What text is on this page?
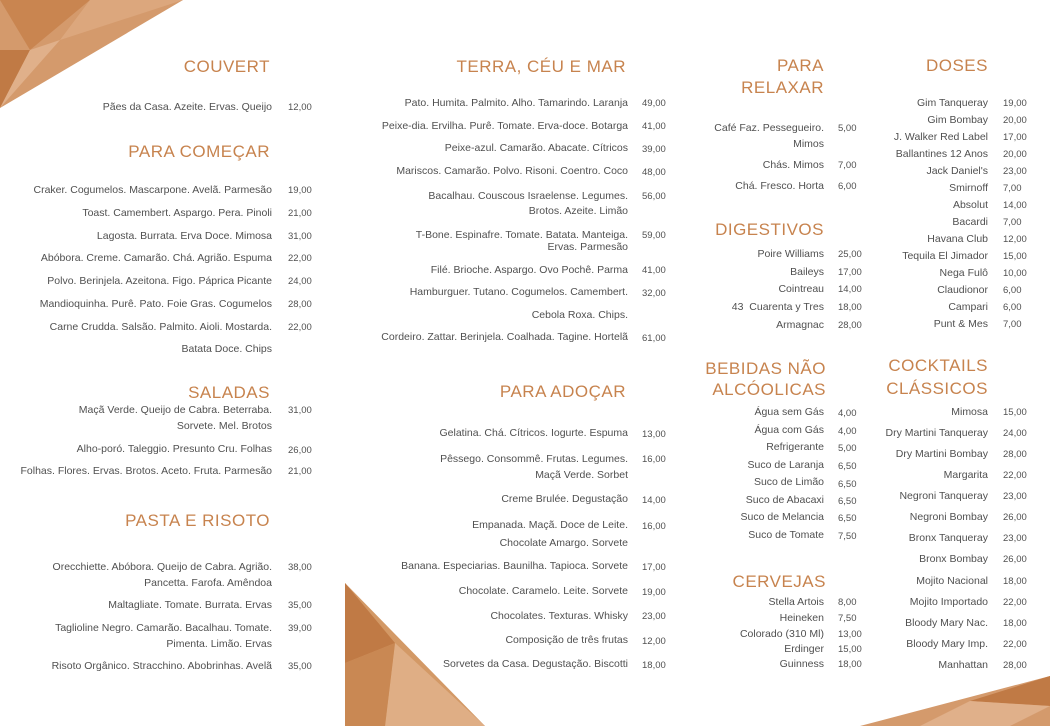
COUVERT
Pães da Casa. Azeite. Ervas. Queijo 12,00
PARA COMEÇAR
Craker. Cogumelos. Mascarpone. Avelã. Parmesão 19,00
Toast. Camembert. Aspargo. Pera. Pinoli 21,00
Lagosta. Burrata. Erva Doce. Mimosa 31,00
Abóbora. Creme. Camarão. Chá. Agrião. Espuma 22,00
Polvo. Berinjela. Azeitona. Figo. Páprica Picante 24,00
Mandioquinha. Purê. Pato. Foie Gras. Cogumelos 28,00
Carne Crudda. Salsão. Palmito. Aioli. Mostarda. 22,00
Batata Doce. Chips
SALADAS
Maçã Verde. Queijo de Cabra. Beterraba.
Sorvete. Mel. Brotos
31,00
Alho-poró. Taleggio. Presunto Cru. Folhas 26,00
Folhas. Flores. Ervas. Brotos. Aceto. Fruta. Parmesão 21,00
PASTA E RISOTO
Orecchiette. Abóbora. Queijo de Cabra. Agrião.
Pancetta. Farofa. Amêndoa
38,00
Maltagliate. Tomate. Burrata. Ervas 35,00
Taglioline Negro. Camarão. Bacalhau. Tomate.
Pimenta. Limão. Ervas
39,00
Risoto Orgânico. Stracchino. Abobrinhas. Avelã 35,00
TERRA, CÉU E MAR
Pato. Humita. Palmito. Alho. Tamarindo. Laranja 49,00
Peixe-dia. Ervilha. Purê. Tomate. Erva-doce. Botarga 41,00
Peixe-azul. Camarão. Abacate. Cítricos 39,00
Mariscos. Camarão. Polvo. Risoni. Coentro. Coco 48,00
Bacalhau. Couscous Israelense. Legumes.
Brotos. Azeite. Limão
56,00
T-Bone. Espinafre. Tomate. Batata. Manteiga.
Ervas. Parmesão
59,00
Filé. Brioche. Aspargo. Ovo Pochê. Parma 41,00
Hamburguer. Tutano. Cogumelos. Camembert. 32,00
Cebola Roxa. Chips.
Cordeiro. Zattar. Berinjela. Coalhada. Tagine. Hortelã 61,00
PARA ADOÇAR
Gelatina. Chá. Cítricos. Iogurte. Espuma 13,00
Pêssego. Consommê. Frutas. Legumes.
Maçã Verde. Sorbet
16,00
Creme Brulée. Degustação 14,00
Empanada. Maçã. Doce de Leite.
Chocolate Amargo. Sorvete
16,00
Banana. Especiarias. Baunilha. Tapioca. Sorvete 17,00
Chocolate. Caramelo. Leite. Sorvete 19,00
Chocolates. Texturas. Whisky 23,00
Composição de três frutas 12,00
Sorvetes da Casa. Degustação. Biscotti 18,00
PARA
RELAXAR
Café Faz. Pessegueiro.
Mimos
5,00
Chás. Mimos 7,00
Chá. Fresco. Horta 6,00
DIGESTIVOS
Poire Williams 25,00
Baileys 17,00
Cointreau 14,00
43  Cuarenta y Tres 18,00
Armagnac 28,00
BEBIDAS NÃO
ALCÓOLICAS
Água sem Gás 4,00
Água com Gás 4,00
Refrigerante 5,00
Suco de Laranja 6,50
Suco de Limão 6,50
Suco de Abacaxi 6,50
Suco de Melancia 6,50
Suco de Tomate 7,50
CERVEJAS
Stella Artois 8,00
Heineken 7,50
Colorado (310 Ml) 13,00
Erdinger 15,00
Guinness 18,00
DOSES
Gim Tanqueray 19,00
Gim Bombay 20,00
J. Walker Red Label 17,00
Ballantines 12 Anos 20,00
Jack Daniel's 23,00
Smirnoff 7,00
Absolut 14,00
Bacardi 7,00
Havana Club 12,00
Tequila El Jimador 15,00
Nega Fulô 10,00
Claudionor 6,00
Campari 6,00
Punt & Mes 7,00
COCKTAILS
CLÁSSICOS
Mimosa 15,00
Dry Martini Tanqueray 24,00
Dry Martini Bombay 28,00
Margarita 22,00
Negroni Tanqueray 23,00
Negroni Bombay 26,00
Bronx Tanqueray 23,00
Bronx Bombay 26,00
Mojito Nacional 18,00
Mojito Importado 22,00
Bloody Mary Nac. 18,00
Bloody Mary Imp. 22,00
Manhattan 28,00
